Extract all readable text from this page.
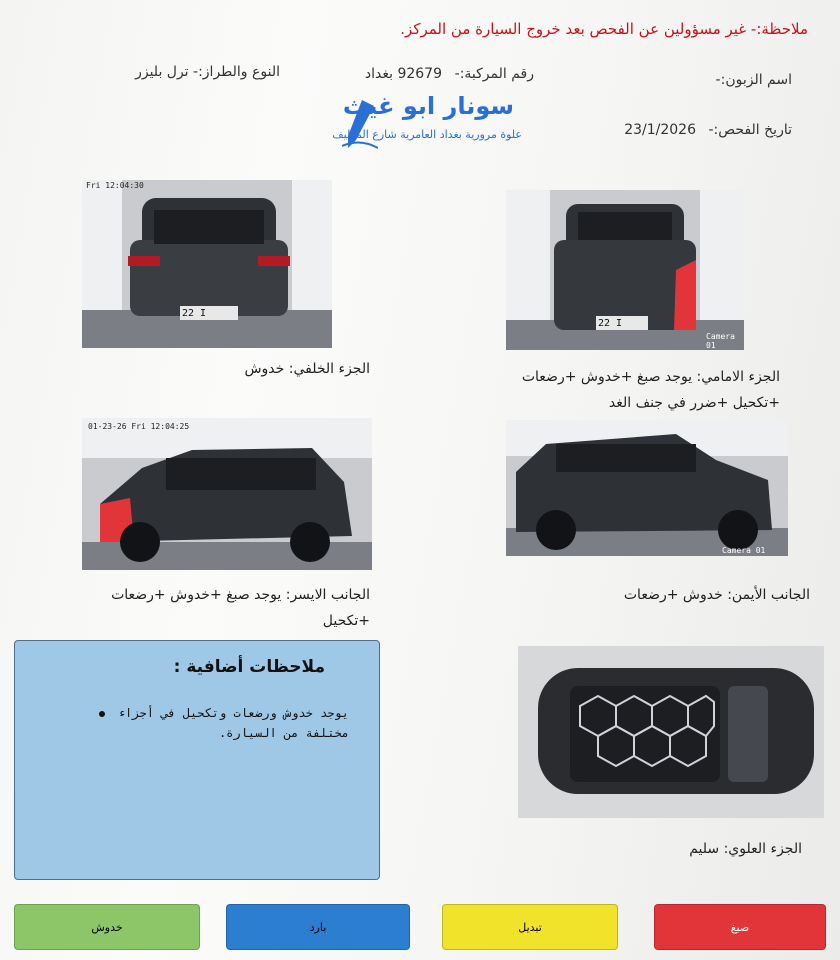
ملاحظة:- غير مسؤولين عن الفحص بعد خروج السيارة من المركز.
اسم الزبون:-
رقم المركبة:-
92679 بغداد
النوع والطراز:- ترل بليزر
تاريخ الفحص:-
23/1/2026
سونار ابو غيث
علوة مرورية بغداد العامرية شارع المطيف
Fri 12:04:30
22 I
Camera 01
22 I
الجزء الخلفي: خدوش	الجزء الامامي: يوجد صبغ +خدوش +رضعات +تكحيل +ضرر في جنف الغد
01-23-26 Fri 12:04:25
Camera 01
الجانب الايسر: يوجد صبغ +خدوش +رضعات +تكحيل
الجانب الأيمن: خدوش +رضعات
ملاحظات أضافية :
يوجد خدوش ورضعات وتكحيل في أجزاء مختلفة من السيارة.
الجزء العلوي: سليم
خدوش	بارد	تبديل	صبغ
